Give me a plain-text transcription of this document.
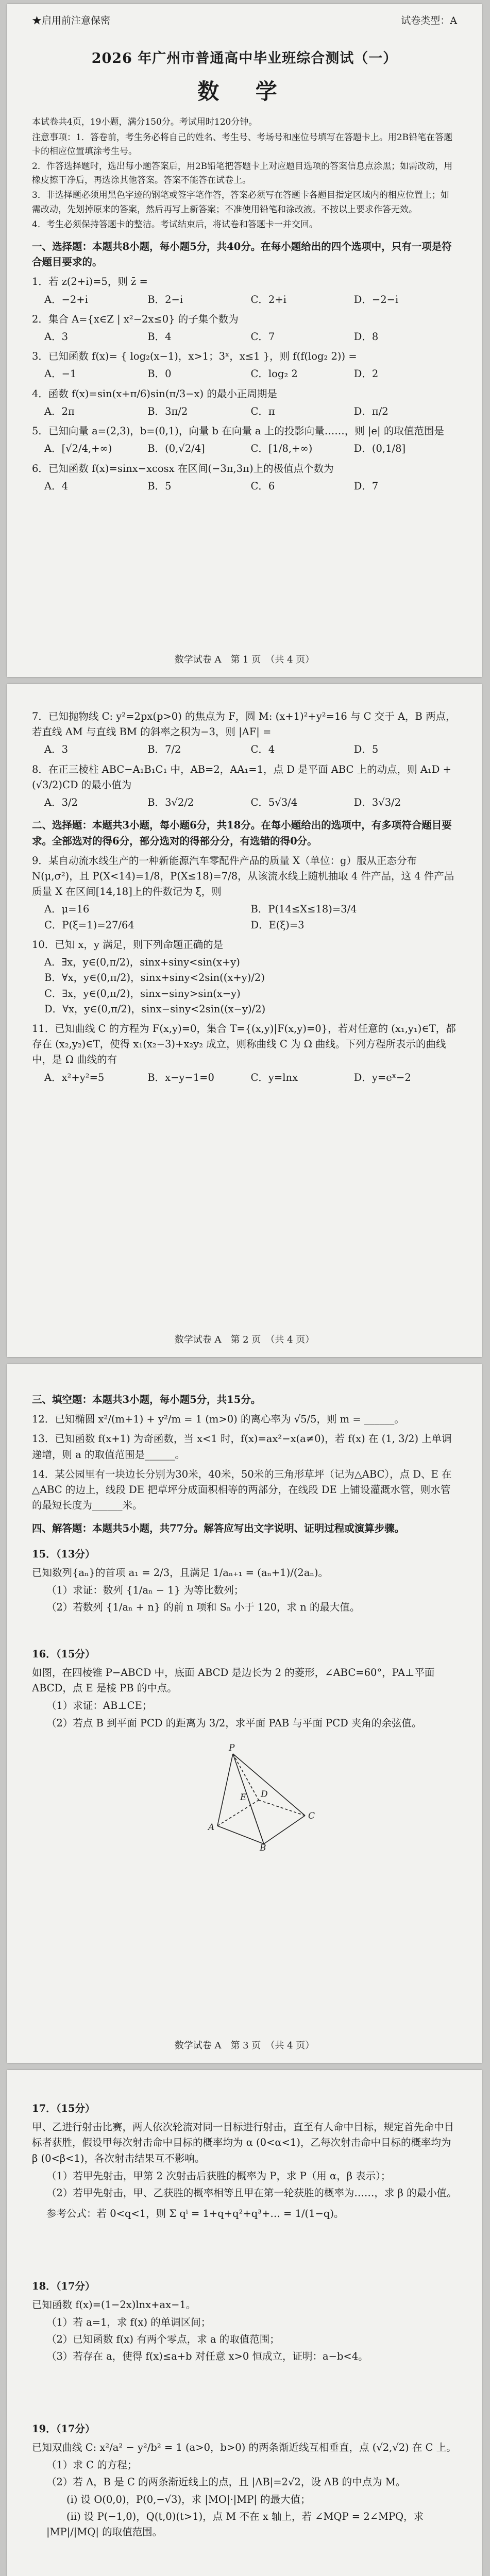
★启用前注意保密	试卷类型：A
2026 年广州市普通高中毕业班综合测试（一）
数 学

本试卷共4页，19小题，满分150分。考试用时120分钟。

注意事项：1．答卷前，考生务必将自己的姓名、考生号、考场号和座位号填写在答题卡上。用2B铅笔在答题卡的相应位置填涂考生号。

2．作答选择题时，选出每小题答案后，用2B铅笔把答题卡上对应题目选项的答案信息点涂黑；如需改动，用橡皮擦干净后，再选涂其他答案。答案不能答在试卷上。

3．非选择题必须用黑色字迹的钢笔或签字笔作答，答案必须写在答题卡各题目指定区域内的相应位置上；如需改动，先划掉原来的答案，然后再写上新答案；不准使用铅笔和涂改液。不按以上要求作答无效。

4．考生必须保持答题卡的整洁。考试结束后，将试卷和答题卡一并交回。

一、选择题：本题共8小题，每小题5分，共40分。在每小题给出的四个选项中，只有一项是符合题目要求的。
1．若 z(2+i)=5，则 z̄ =
A．−2+i	B．2−i	C．2+i	D．−2−i
2．集合 A={x∈Z | x²−2x≤0} 的子集个数为
A．3	B．4	C．7	D．8
3．已知函数 f(x)= { log₂(x−1)，x>1；3ˣ，x≤1 }，则 f(f(log₂ 2)) =
A．−1	B．0	C．log₂ 2	D．2
4．函数 f(x)=sin(x+π/6)sin(π/3−x) 的最小正周期是
A．2π	B．3π/2	C．π	D．π/2
5．已知向量 a=(2,3)，b=(0,1)，向量 b 在向量 a 上的投影向量……，则 |e| 的取值范围是
A．[√2/4,+∞)	B．(0,√2/4]	C．[1/8,+∞)	D．(0,1/8]
6．已知函数 f(x)=sinx−xcosx 在区间(−3π,3π)上的极值点个数为
A．4	B．5	C．6	D．7
数学试卷 A　第 1 页　（共 4 页）
7．已知抛物线 C: y²=2px(p>0) 的焦点为 F，圆 M: (x+1)²+y²=16 与 C 交于 A，B 两点，若直线 AM 与直线 BM 的斜率之积为−3，则 |AF| =
A．3	B．7/2	C．4	D．5
8．在正三棱柱 ABC−A₁B₁C₁ 中，AB=2，AA₁=1，点 D 是平面 ABC 上的动点，则 A₁D + (√3/2)CD 的最小值为
A．3/2	B．3√2/2	C．5√3/4	D．3√3/2
二、选择题：本题共3小题，每小题6分，共18分。在每小题给出的选项中，有多项符合题目要求。全部选对的得6分，部分选对的得部分分，有选错的得0分。
9．某自动流水线生产的一种新能源汽车零配件产品的质量 X（单位：g）服从正态分布 N(μ,σ²)，且 P(X<14)=1/8，P(X≤18)=7/8，从该流水线上随机抽取 4 件产品，这 4 件产品质量 X 在区间[14,18]上的件数记为 ξ，则
A．μ=16	B．P(14≤X≤18)=3/4
C．P(ξ=1)=27/64	D．E(ξ)=3
10．已知 x，y 满足，则下列命题正确的是
A．∃x，y∈(0,π/2)，sinx+siny<sin(x+y)
B．∀x，y∈(0,π/2)，sinx+siny<2sin((x+y)/2)
C．∃x，y∈(0,π/2)，sinx−siny>sin(x−y)
D．∀x，y∈(0,π/2)，sinx−siny<2sin((x−y)/2)
11．已知曲线 C 的方程为 F(x,y)=0，集合 T={(x,y)|F(x,y)=0}，若对任意的 (x₁,y₁)∈T，都存在 (x₂,y₂)∈T，使得 x₁(x₂−3)+x₂y₂ 成立，则称曲线 C 为 Ω 曲线。下列方程所表示的曲线中，是 Ω 曲线的有
A．x²+y²=5	B．x−y−1=0	C．y=lnx	D．y=eˣ−2
数学试卷 A　第 2 页　（共 4 页）
三、填空题：本题共3小题，每小题5分，共15分。
12．已知椭圆 x²/(m+1) + y²/m = 1 (m>0) 的离心率为 √5/5，则 m = ______。
13．已知函数 f(x+1) 为奇函数，当 x<1 时，f(x)=ax²−x(a≠0)，若 f(x) 在 (1, 3/2) 上单调递增，则 a 的取值范围是______。
14．某公园里有一块边长分别为30米，40米，50米的三角形草坪（记为△ABC），点 D、E 在△ABC 的边上，线段 DE 把草坪分成面积相等的两部分，在线段 DE 上铺设灌溉水管，则水管的最短长度为______米。
四、解答题：本题共5小题，共77分。解答应写出文字说明、证明过程或演算步骤。
15．（13分）
已知数列{aₙ}的首项 a₁ = 2/3，且满足 1/aₙ₊₁ = (aₙ+1)/(2aₙ)。
（1）求证：数列 {1/aₙ − 1} 为等比数列；
（2）若数列 {1/aₙ + n} 的前 n 项和 Sₙ 小于 120，求 n 的最大值。
16．（15分）
如图，在四棱锥 P−ABCD 中，底面 ABCD 是边长为 2 的菱形，∠ABC=60°，PA⊥平面 ABCD，点 E 是棱 PB 的中点。
（1）求证：AB⊥CE；
（2）若点 B 到平面 PCD 的距离为 3/2，求平面 PAB 与平面 PCD 夹角的余弦值。
P
E
A
B
C
D
数学试卷 A　第 3 页　（共 4 页）
17．（15分）
甲、乙进行射击比赛，两人依次轮流对同一目标进行射击，直至有人命中目标，规定首先命中目标者获胜，假设甲每次射击命中目标的概率均为 α (0<α<1)，乙每次射击命中目标的概率均为 β (0<β<1)，各次射击结果互不影响。
（1）若甲先射击，甲第 2 次射击后获胜的概率为 P，求 P（用 α，β 表示）；
（2）若甲先射击，甲、乙获胜的概率相等且甲在第一轮获胜的概率为……，求 β 的最小值。
参考公式：若 0<q<1，则 Σ qⁱ = 1+q+q²+q³+… = 1/(1−q)。
18．（17分）
已知函数 f(x)=(1−2x)lnx+ax−1。
（1）若 a=1，求 f(x) 的单调区间；
（2）已知函数 f(x) 有两个零点，求 a 的取值范围；
（3）若存在 a，使得 f(x)≤a+b 对任意 x>0 恒成立，证明：a−b<4。
19．（17分）
已知双曲线 C: x²/a² − y²/b² = 1 (a>0，b>0) 的两条渐近线互相垂直，点 (√2,√2) 在 C 上。
（1）求 C 的方程；
（2）若 A，B 是 C 的两条渐近线上的点，且 |AB|=2√2，设 AB 的中点为 M。
　　(i) 设 O(0,0)，P(0,−√3)，求 |MO|·|MP| 的最大值；
　　(ii) 设 P(−1,0)，Q(t,0)(t>1)，点 M 不在 x 轴上，若 ∠MQP = 2∠MPQ，求 |MP|/|MQ| 的取值范围。
